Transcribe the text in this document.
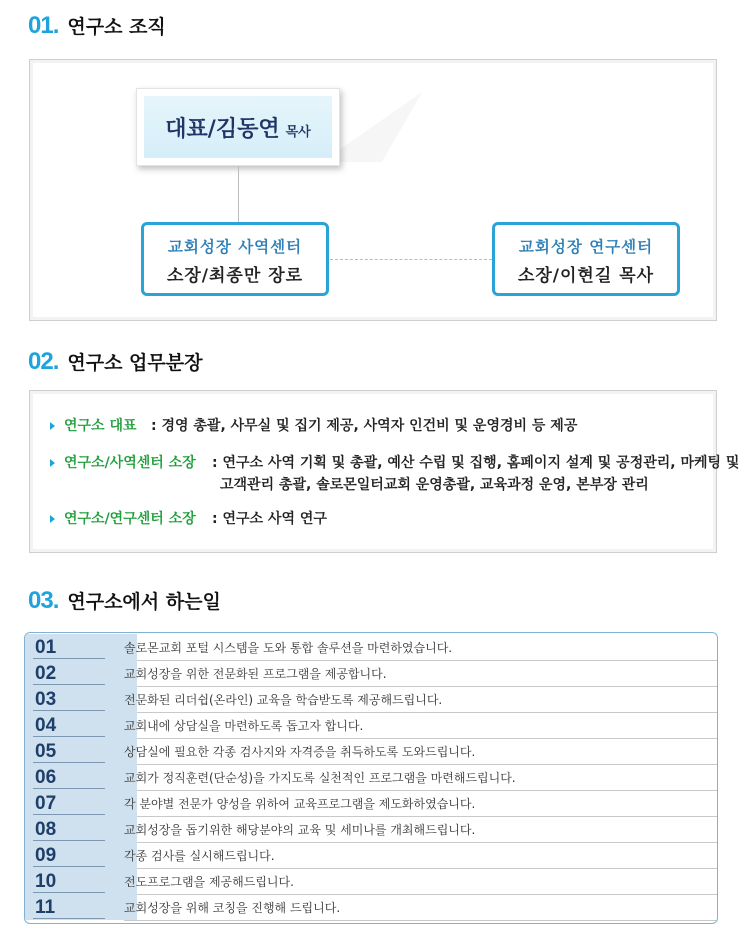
01 . 연구소 조직
대표/김동연 목사
교회성장 사역센터
소장/최종만 장로
교회성장 연구센터
소장/이현길 목사
02 . 연구소 업무분장
연구소 대표 : 경영 총괄, 사무실 및 집기 제공, 사역자 인건비 및 운영경비 등 제공
연구소/사역센터 소장 : 연구소 사역 기획 및 총괄, 예산 수립 및 집행, 홈페이지 설계 및 공정관리, 마케팅 및
고객관리 총괄, 솔로몬일터교회 운영총괄, 교육과정 운영, 본부장 관리
연구소/연구센터 소장 : 연구소 사역 연구
03 . 연구소에서 하는일
01	솔로몬교회 포털 시스템을 도와 통합 솔루션을 마련하였습니다.
02	교회성장을 위한 전문화된 프로그램을 제공합니다.
03	전문화된 리더쉽(온라인) 교육을 학습받도록 제공해드립니다.
04	교회내에 상담실을 마련하도록 돕고자 합니다.
05	상담실에 필요한 각종 검사지와 자격증을 취득하도록 도와드립니다.
06	교회가 정직훈련(단순성)을 가지도록 실천적인 프로그램을 마련해드립니다.
07	각 분야별 전문가 양성을 위하여 교육프로그램을 제도화하였습니다.
08	교회성장을 돕기위한 해당분야의 교육 및 세미나를 개최해드립니다.
09	각종 검사를 실시해드립니다.
10	전도프로그램을 제공해드립니다.
11	교회성장을 위해 코칭을 진행해 드립니다.
